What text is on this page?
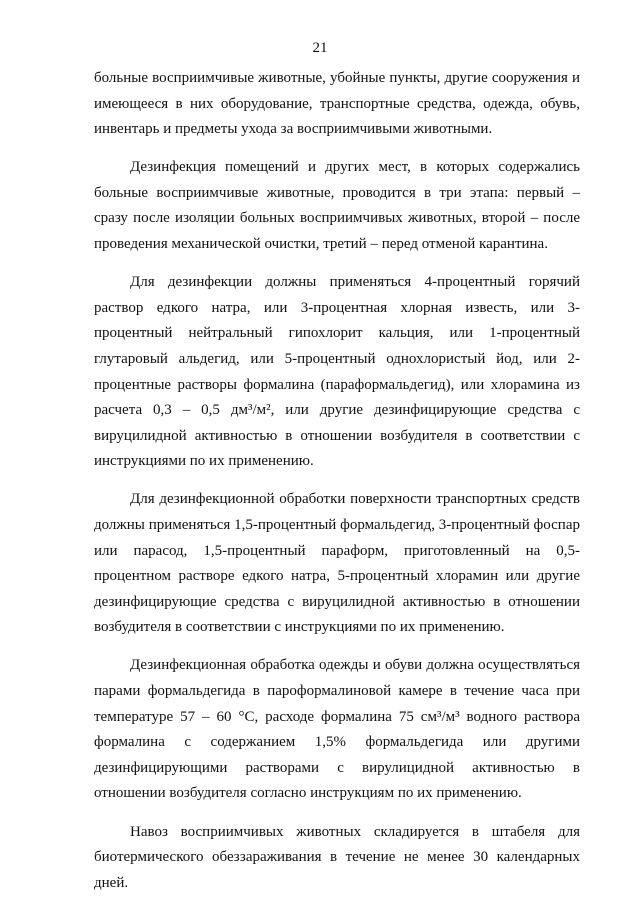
21

больные восприимчивые животные, убойные пункты, другие сооружения и имеющееся в них оборудование, транспортные средства, одежда, обувь, инвентарь и предметы ухода за восприимчивыми животными.

Дезинфекция помещений и других мест, в которых содержались больные восприимчивые животные, проводится в три этапа: первый – сразу после изоляции больных восприимчивых животных, второй – после проведения механической очистки, третий – перед отменой карантина.

Для дезинфекции должны применяться 4-процентный горячий раствор едкого натра, или 3-процентная хлорная известь, или 3-процентный нейтральный гипохлорит кальция, или 1-процентный глутаровый альдегид, или 5-процентный однохлористый йод, или 2-процентные растворы формалина (параформальдегид), или хлорамина из расчета 0,3 – 0,5 дм³/м², или другие дезинфицирующие средства с вируцилидной активностью в отношении возбудителя в соответствии с инструкциями по их применению.

Для дезинфекционной обработки поверхности транспортных средств должны применяться 1,5-процентный формальдегид, 3-процентный фоспар или парасод, 1,5-процентный параформ, приготовленный на 0,5-процентном растворе едкого натра, 5-процентный хлорамин или другие дезинфицирующие средства с вируцилидной активностью в отношении возбудителя в соответствии с инструкциями по их применению.

Дезинфекционная обработка одежды и обуви должна осуществляться парами формальдегида в пароформалиновой камере в течение часа при температуре 57 – 60 °С, расходе формалина 75 см³/м³ водного раствора формалина с содержанием 1,5% формальдегида или другими дезинфицирующими растворами с вирулицидной активностью в отношении возбудителя согласно инструкциям по их применению.

Навоз восприимчивых животных складируется в штабеля для биотермического обеззараживания в течение не менее 30 календарных дней.
